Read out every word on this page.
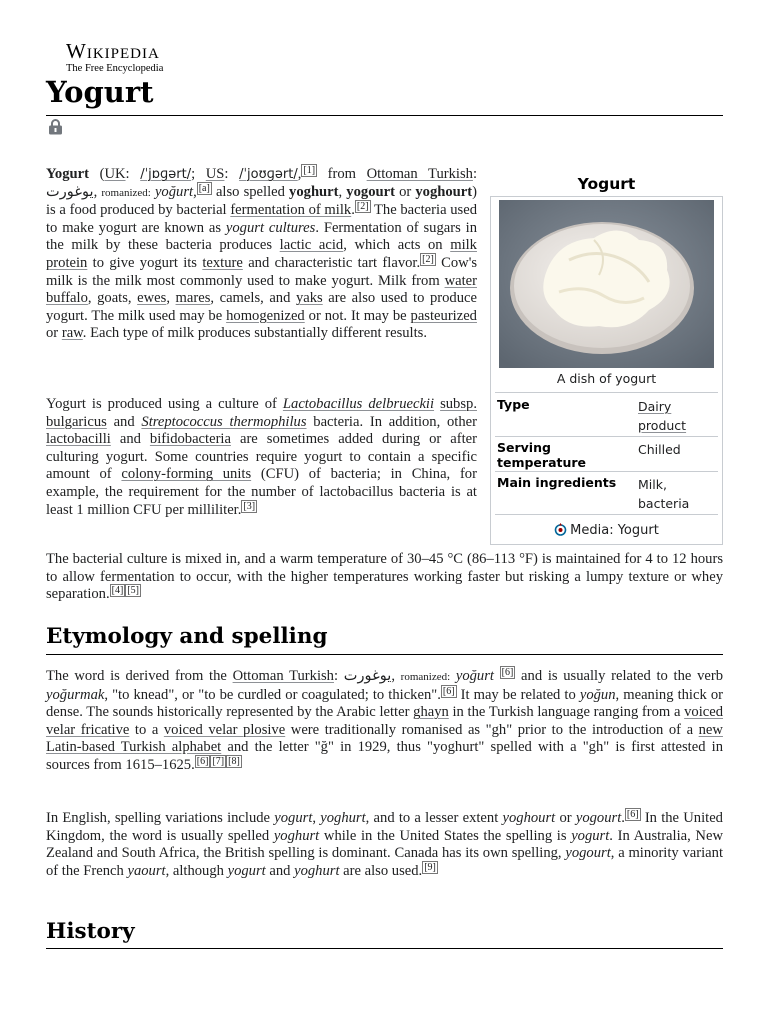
Wikipedia
The Free Encyclopedia
Yogurt

Yogurt (UK: /ˈjɒɡərt/; US: /ˈjoʊɡərt/, [1] from Ottoman Turkish: يوغورت, romanized: yoğurt, [a] also spelled yoghurt, yogourt or yoghourt) is a food produced by bacterial fermentation of milk. [2] The bacteria used to make yogurt are known as yogurt cultures. Fermentation of sugars in the milk by these bacteria produces lactic acid, which acts on milk protein to give yogurt its texture and characteristic tart flavor. [2] Cow's milk is the milk most commonly used to make yogurt. Milk from water buffalo, goats, ewes, mares, camels, and yaks are also used to produce yogurt. The milk used may be homogenized or not. It may be pasteurized or raw. Each type of milk produces substantially different results.

Yogurt is produced using a culture of Lactobacillus delbrueckii subsp. bulgaricus and Streptococcus thermophilus bacteria. In addition, other lactobacilli and bifidobacteria are sometimes added during or after culturing yogurt. Some countries require yogurt to contain a specific amount of colony-forming units (CFU) of bacteria; in China, for example, the requirement for the number of lactobacillus bacteria is at least 1 million CFU per milliliter. [3]

The bacterial culture is mixed in, and a warm temperature of 30–45 °C (86–113 °F) is maintained for 4 to 12 hours to allow fermentation to occur, with the higher temperatures working faster but risking a lumpy texture or whey separation. [4] [5]

Yogurt
A dish of yogurt
Type	Dairy
product
Serving
temperature
Chilled
Main ingredients Milk,
bacteria
Media: Yogurt
Etymology and spelling

The word is derived from the Ottoman Turkish: يوغورت, romanized: yoğurt [6] and is usually related to the verb yoğurmak, "to knead", or "to be curdled or coagulated; to thicken". [6] It may be related to yoğun, meaning thick or dense. The sounds historically represented by the Arabic letter ghayn in the Turkish language ranging from a voiced velar fricative to a voiced velar plosive were traditionally romanised as "gh" prior to the introduction of a new Latin-based Turkish alphabet and the letter "ğ" in 1929, thus "yoghurt" spelled with a "gh" is first attested in sources from 1615–1625. [6] [7] [8]

In English, spelling variations include yogurt, yoghurt, and to a lesser extent yoghourt or yogourt. [6] In the United Kingdom, the word is usually spelled yoghurt while in the United States the spelling is yogurt. In Australia, New Zealand and South Africa, the British spelling is dominant. Canada has its own spelling, yogourt, a minority variant of the French yaourt, although yogurt and yoghurt are also used. [9]

History
